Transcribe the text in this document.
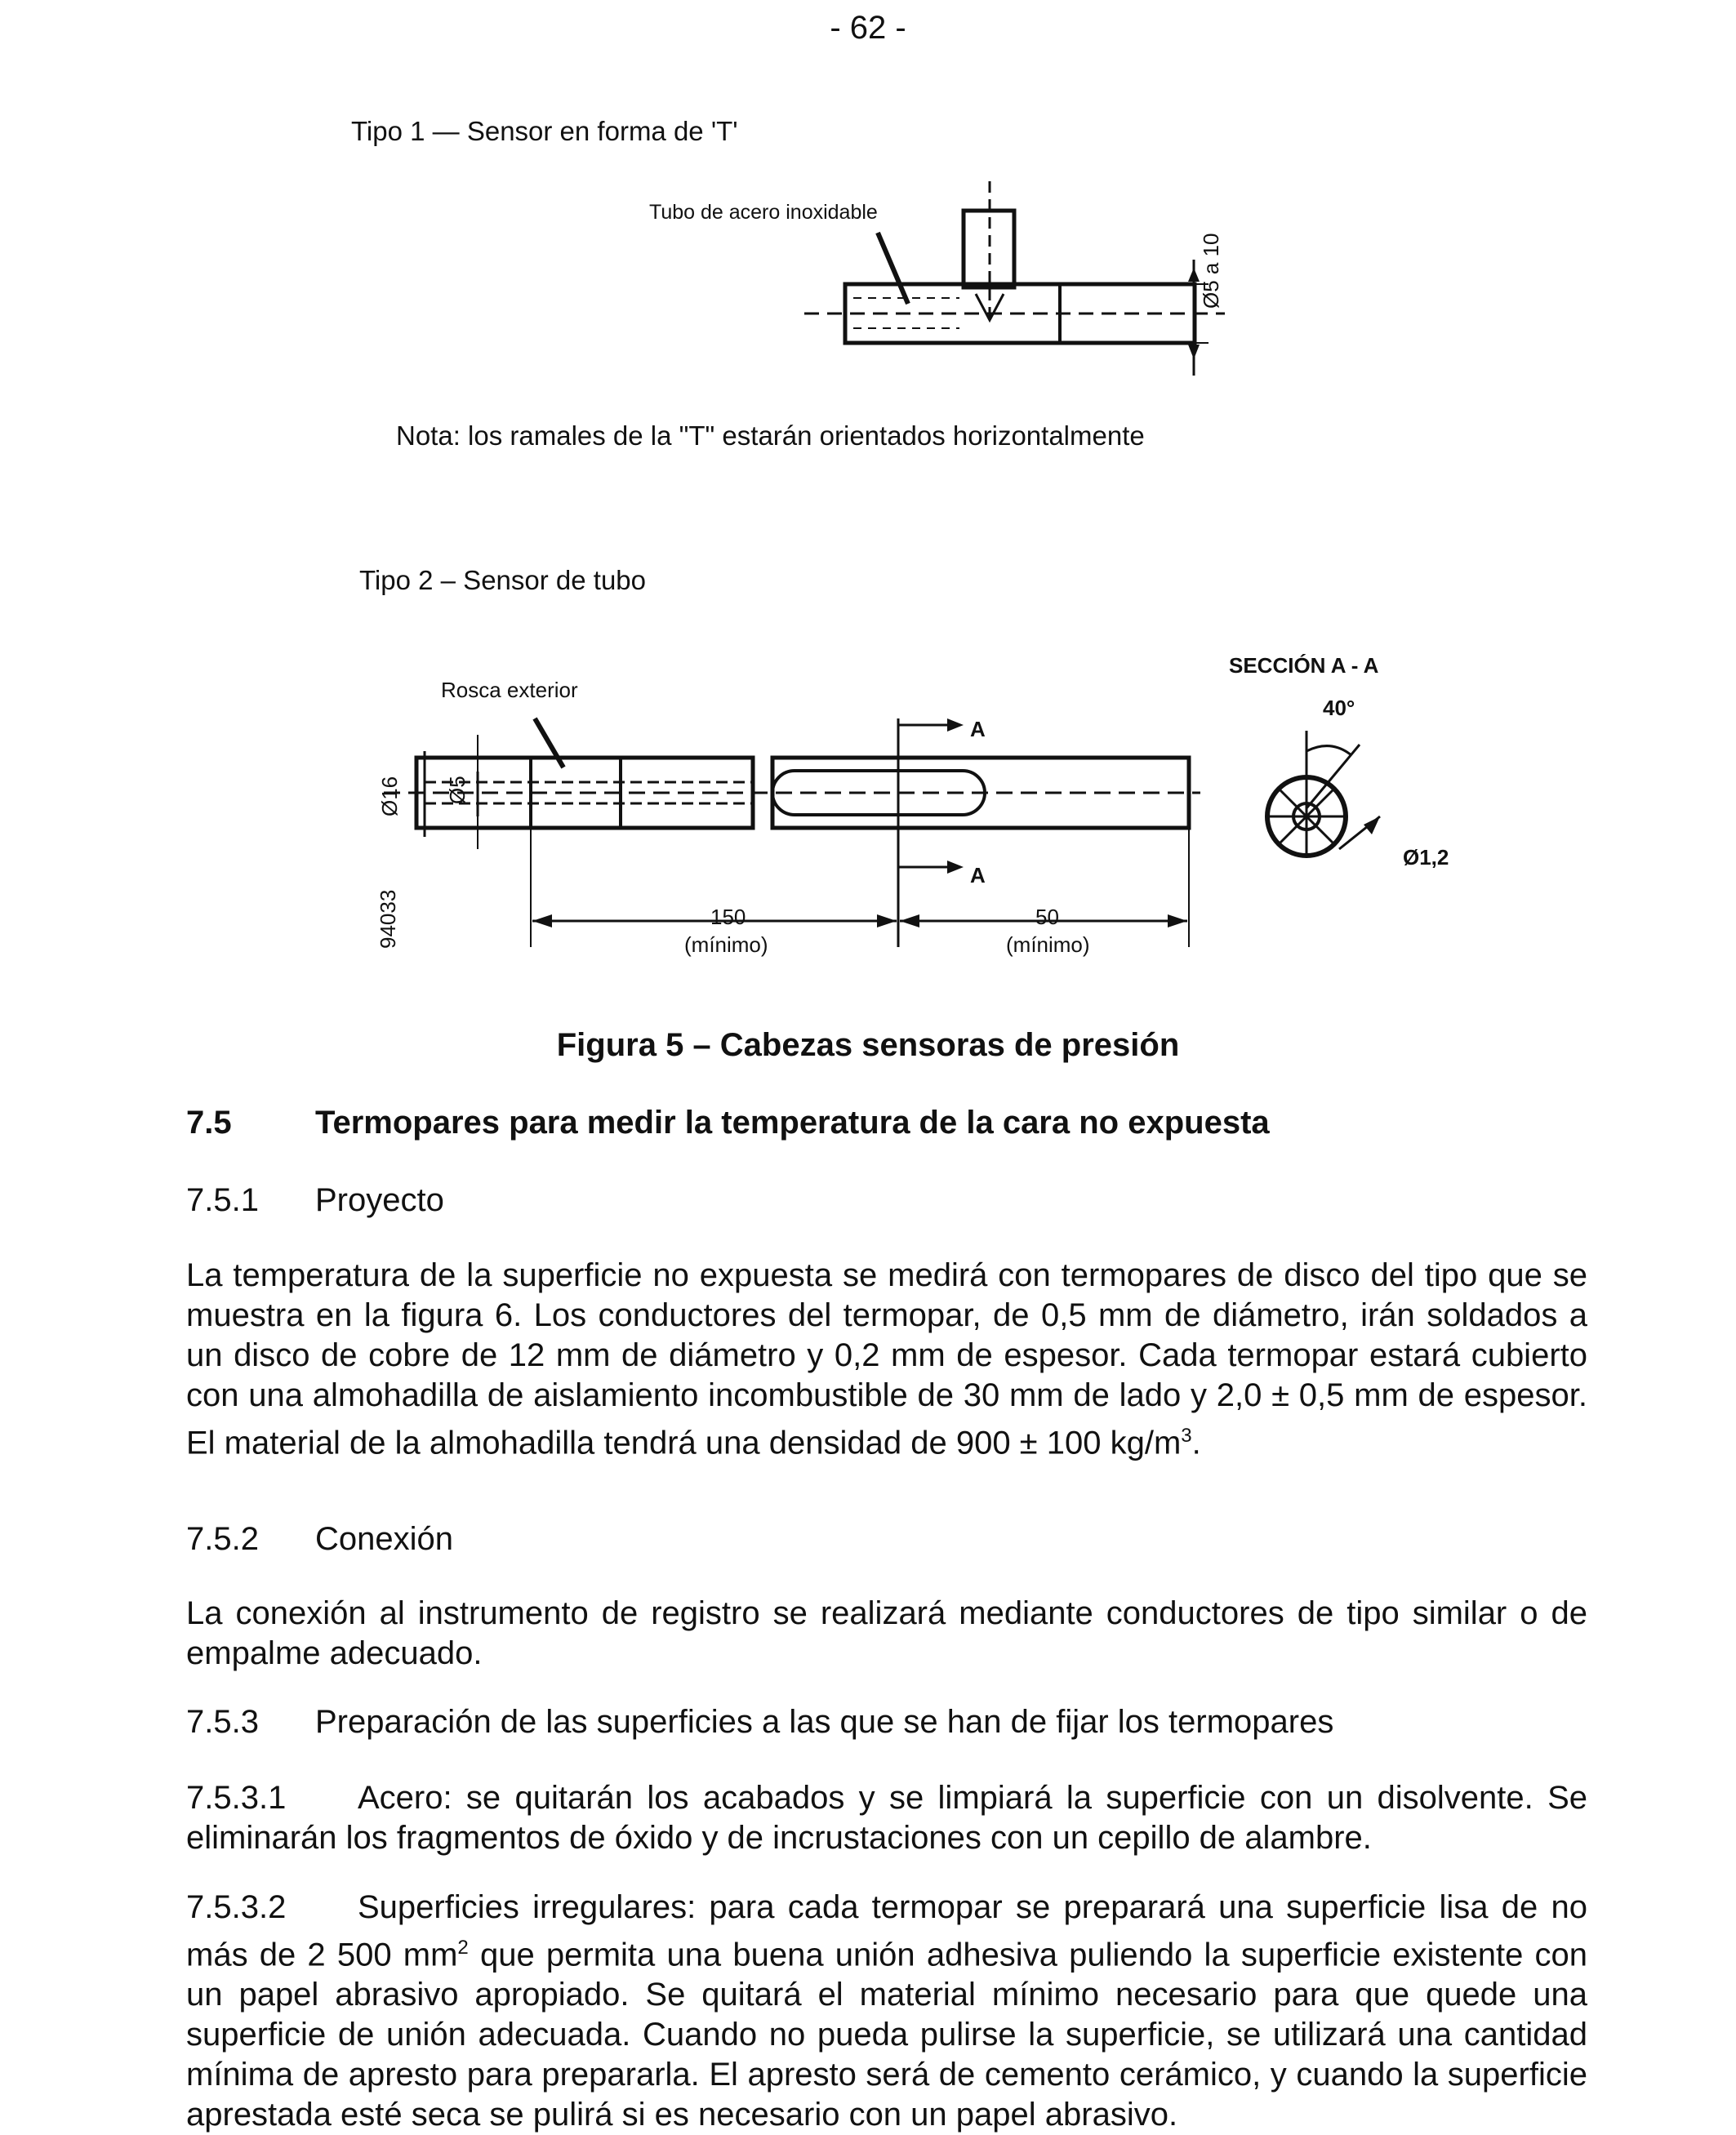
- 62 -
Tipo 1 — Sensor en forma de 'T'
Tubo de acero inoxidable
Nota: los ramales de la "T" estarán orientados horizontalmente
Tipo 2 – Sensor de tubo
Rosca exterior
SECCIÓN A - A
40°
Ø1,2
A
A
150
(mínimo)
50
(mínimo)
Ø5 a 10
Ø16 Ø5
94033
Figura 5 – Cabezas sensoras de presión
7.5	Termopares para medir la temperatura de la cara no expuesta
7.5.1 Proyecto
La temperatura de la superficie no expuesta se medirá con termopares de disco del tipo que se muestra en la figura 6. Los conductores del termopar, de 0,5 mm de diámetro, irán soldados a un disco de cobre de 12 mm de diámetro y 0,2 mm de espesor. Cada termopar estará cubierto con una almohadilla de aislamiento incombustible de 30 mm de lado y 2,0 ± 0,5 mm de espesor. El material de la almohadilla tendrá una densidad de 900 ± 100 $kg/m^3$.
7.5.2 Conexión
La conexión al instrumento de registro se realizará mediante conductores de tipo similar o de empalme adecuado.
7.5.3 Preparación de las superficies a las que se han de fijar los termopares
7.5.3.1 Acero: se quitarán los acabados y se limpiará la superficie con un disolvente. Se eliminarán los fragmentos de óxido y de incrustaciones con un cepillo de alambre.
7.5.3.2 Superficies irregulares: para cada termopar se preparará una superficie lisa de no más de 2 500 $mm^2$ que permita una buena unión adhesiva puliendo la superficie existente con un papel abrasivo apropiado. Se quitará el material mínimo necesario para que quede una superficie de unión adecuada. Cuando no pueda pulirse la superficie, se utilizará una cantidad mínima de apresto para prepararla. El apresto será de cemento cerámico, y cuando la superficie aprestada esté seca se pulirá si es necesario con un papel abrasivo.
